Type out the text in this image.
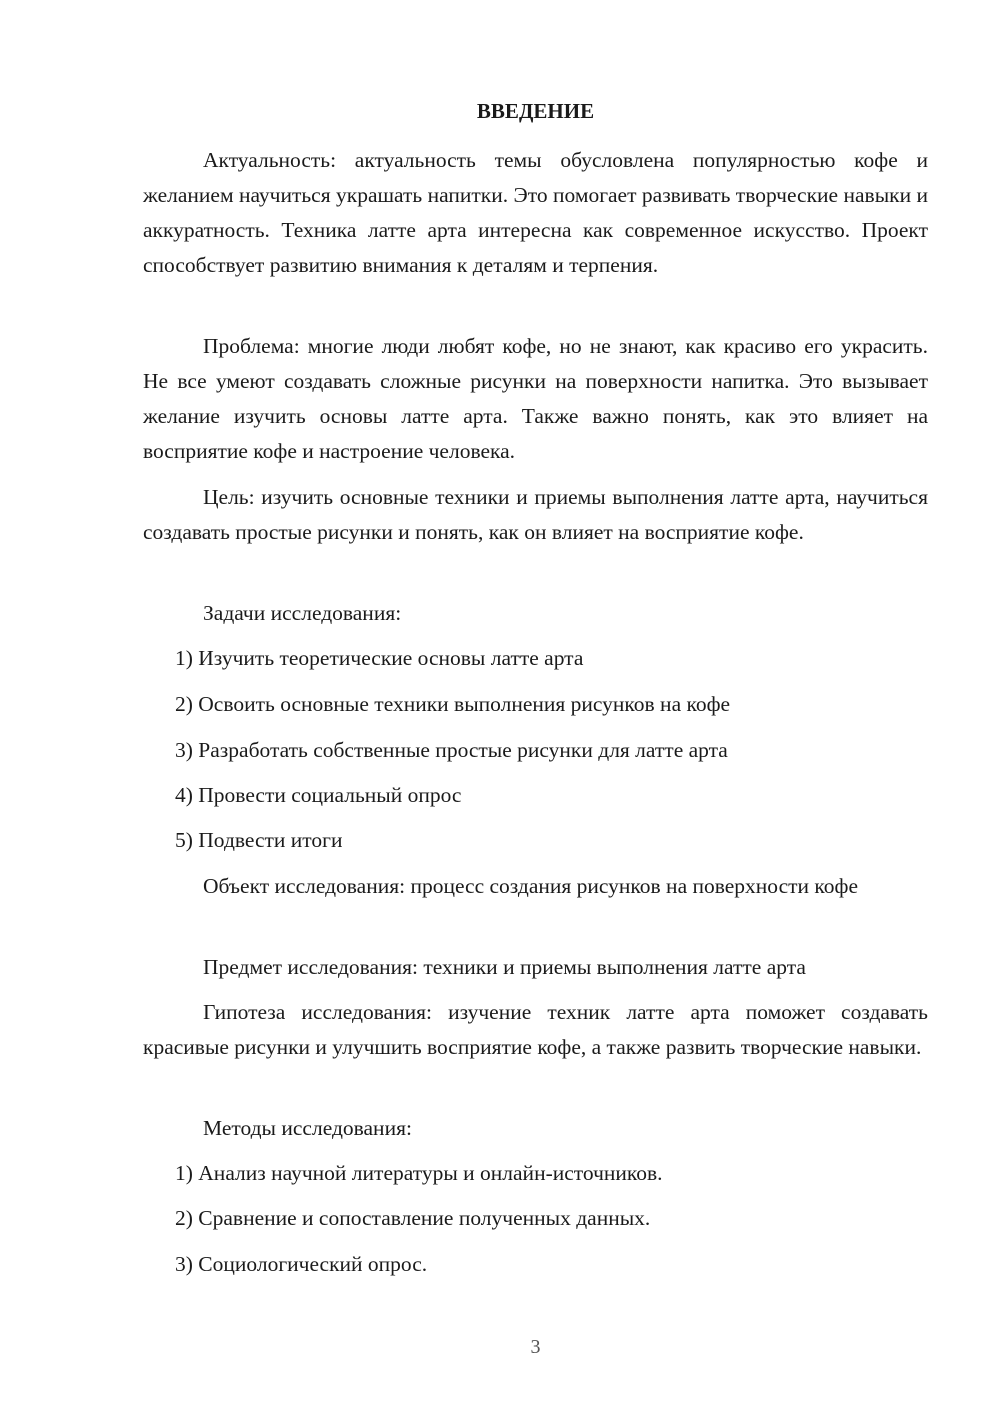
ВВЕДЕНИЕ

Актуальность: актуальность темы обусловлена популярностью кофе и желанием научиться украшать напитки. Это помогает развивать творческие навыки и аккуратность. Техника латте арта интересна как современное искусство. Проект способствует развитию внимания к деталям и терпения.

Проблема: многие люди любят кофе, но не знают, как красиво его украсить. Не все умеют создавать сложные рисунки на поверхности напитка. Это вызывает желание изучить основы латте арта. Также важно понять, как это влияет на восприятие кофе и настроение человека.

Цель: изучить основные техники и приемы выполнения латте арта, научиться создавать простые рисунки и понять, как он влияет на восприятие кофе.

Задачи исследования:

1) Изучить теоретические основы латте арта

2) Освоить основные техники выполнения рисунков на кофе

3) Разработать собственные простые рисунки для латте арта

4) Провести социальный опрос

5) Подвести итоги

Объект исследования: процесс создания рисунков на поверхности кофе

Предмет исследования: техники и приемы выполнения латте арта

Гипотеза исследования: изучение техник латте арта поможет создавать красивые рисунки и улучшить восприятие кофе, а также развить творческие навыки.

Методы исследования:

1) Анализ научной литературы и онлайн-источников.

2) Сравнение и сопоставление полученных данных.

3) Социологический опрос.

3
